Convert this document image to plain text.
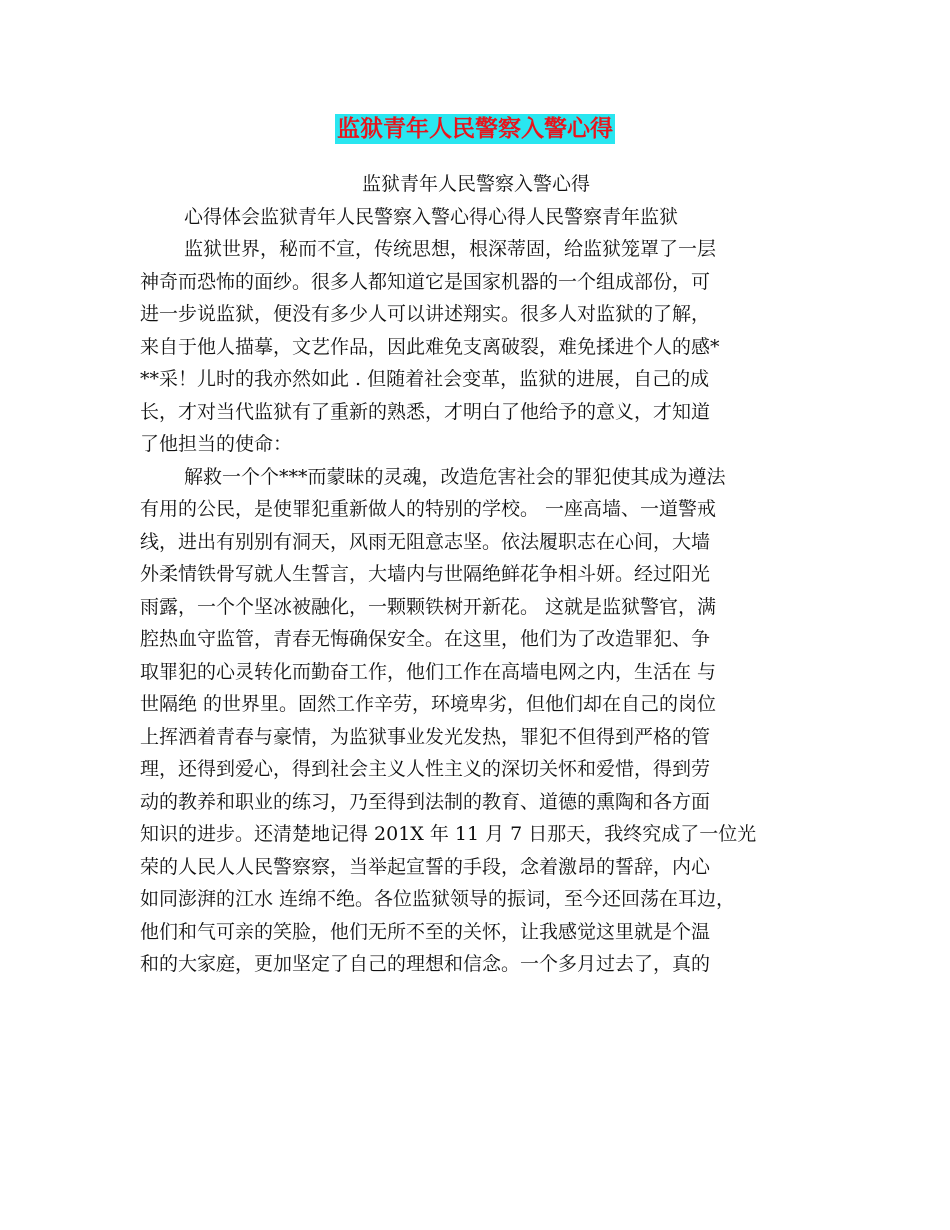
监狱青年人民警察入警心得
监狱青年人民警察入警心得
心得体会监狱青年人民警察入警心得心得人民警察青年监狱
监狱世界，秘而不宣，传统思想，根深蒂固，给监狱笼罩了一层
神奇而恐怖的面纱。很多人都知道它是国家机器的一个组成部份，可
进一步说监狱，便没有多少人可以讲述翔实。很多人对监狱的了解，
来自于他人描摹，文艺作品，因此难免支离破裂，难免揉进个人的感*
**采！儿时的我亦然如此 . 但随着社会变革，监狱的进展，自己的成
长，才对当代监狱有了重新的熟悉，才明白了他给予的意义，才知道
了他担当的使命：
解救一个个***而蒙昧的灵魂，改造危害社会的罪犯使其成为遵法
有用的公民，是使罪犯重新做人的特别的学校。 一座高墙、一道警戒
线，进出有别别有洞天，风雨无阻意志坚。依法履职志在心间，大墙
外柔情铁骨写就人生誓言，大墙内与世隔绝鲜花争相斗妍。经过阳光
雨露，一个个坚冰被融化，一颗颗铁树开新花。 这就是监狱警官，满
腔热血守监管，青春无悔确保安全。在这里，他们为了改造罪犯、争
取罪犯的心灵转化而勤奋工作，他们工作在高墙电网之内，生活在 与
世隔绝 的世界里。固然工作辛劳，环境卑劣，但他们却在自己的岗位
上挥洒着青春与豪情，为监狱事业发光发热，罪犯不但得到严格的管
理，还得到爱心，得到社会主义人性主义的深切关怀和爱惜，得到劳
动的教养和职业的练习，乃至得到法制的教育、道德的熏陶和各方面
知识的进步。还清楚地记得 201X 年 11 月 7 日那天，我终究成了一位光
荣的人民人人民警察察，当举起宣誓的手段，念着激昂的誓辞，内心
如同澎湃的江水 连绵不绝。各位监狱领导的振词，至今还回荡在耳边，
他们和气可亲的笑脸，他们无所不至的关怀，让我感觉这里就是个温
和的大家庭，更加坚定了自己的理想和信念。一个多月过去了，真的
